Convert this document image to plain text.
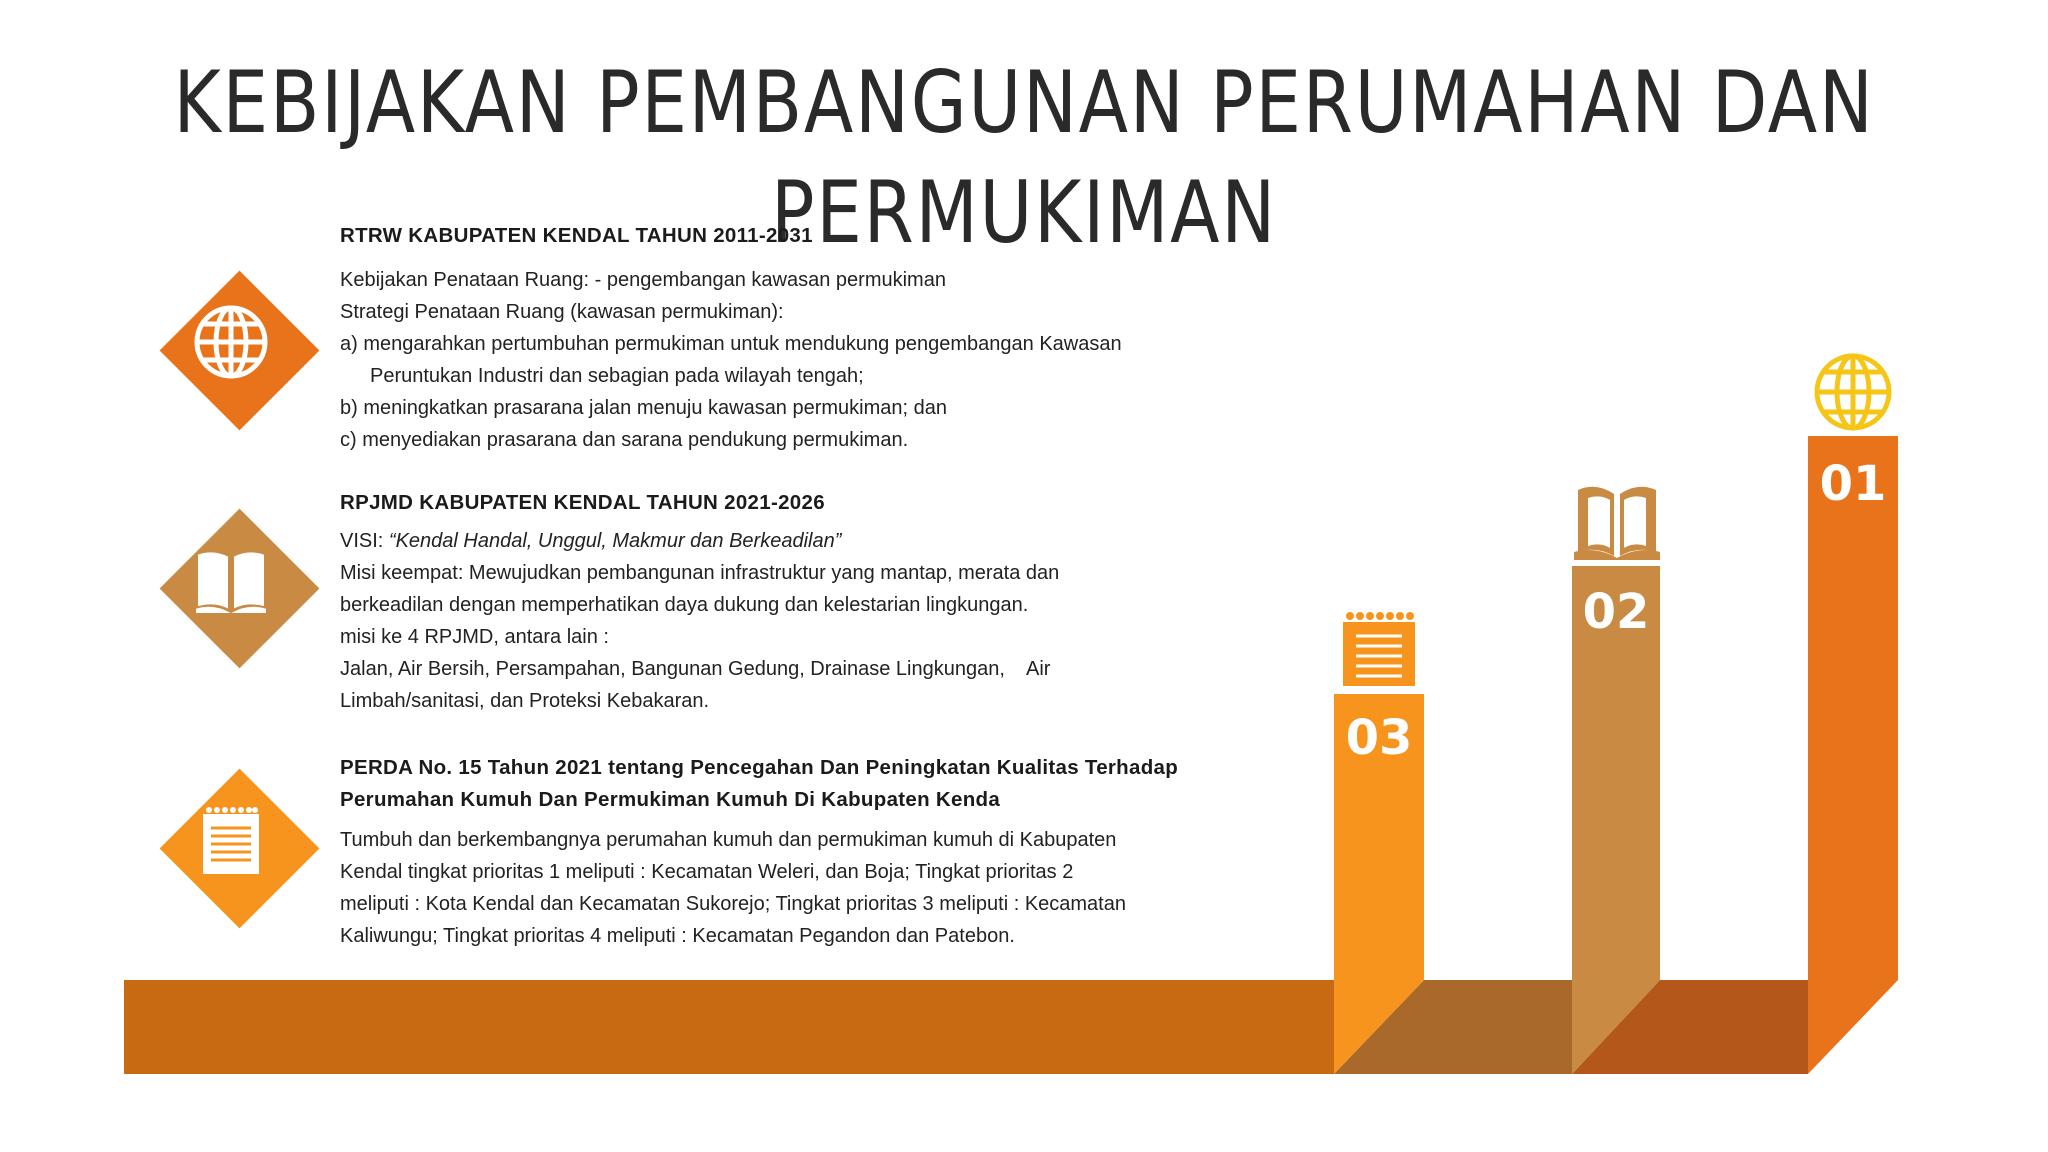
KEBIJAKAN PEMBANGUNAN PERUMAHAN DAN PERMUKIMAN

RTRW KABUPATEN KENDAL TAHUN 2011-2031

Kebijakan Penataan Ruang: - pengembangan kawasan permukiman

Strategi Penataan Ruang (kawasan permukiman):

a) mengarahkan pertumbuhan permukiman untuk mendukung pengembangan Kawasan

Peruntukan Industri dan sebagian pada wilayah tengah;

b) meningkatkan prasarana jalan menuju kawasan permukiman; dan

c) menyediakan prasarana dan sarana pendukung permukiman.

RPJMD KABUPATEN KENDAL TAHUN 2021-2026

VISI: “Kendal Handal, Unggul, Makmur dan Berkeadilan”

Misi keempat: Mewujudkan pembangunan infrastruktur yang mantap, merata dan

berkeadilan dengan memperhatikan daya dukung dan kelestarian lingkungan.

misi ke 4 RPJMD, antara lain :

Jalan, Air Bersih, Persampahan, Bangunan Gedung, Drainase Lingkungan,    Air

Limbah/sanitasi, dan Proteksi Kebakaran.

PERDA No. 15 Tahun 2021 tentang Pencegahan Dan Peningkatan Kualitas Terhadap

Perumahan Kumuh Dan Permukiman Kumuh Di Kabupaten Kenda

Tumbuh dan berkembangnya perumahan kumuh dan permukiman kumuh di Kabupaten

Kendal tingkat prioritas 1 meliputi : Kecamatan Weleri, dan Boja; Tingkat prioritas 2

meliputi : Kota Kendal dan Kecamatan Sukorejo; Tingkat prioritas 3 meliputi : Kecamatan

Kaliwungu; Tingkat prioritas 4 meliputi : Kecamatan Pegandon dan Patebon.

03
02
01
